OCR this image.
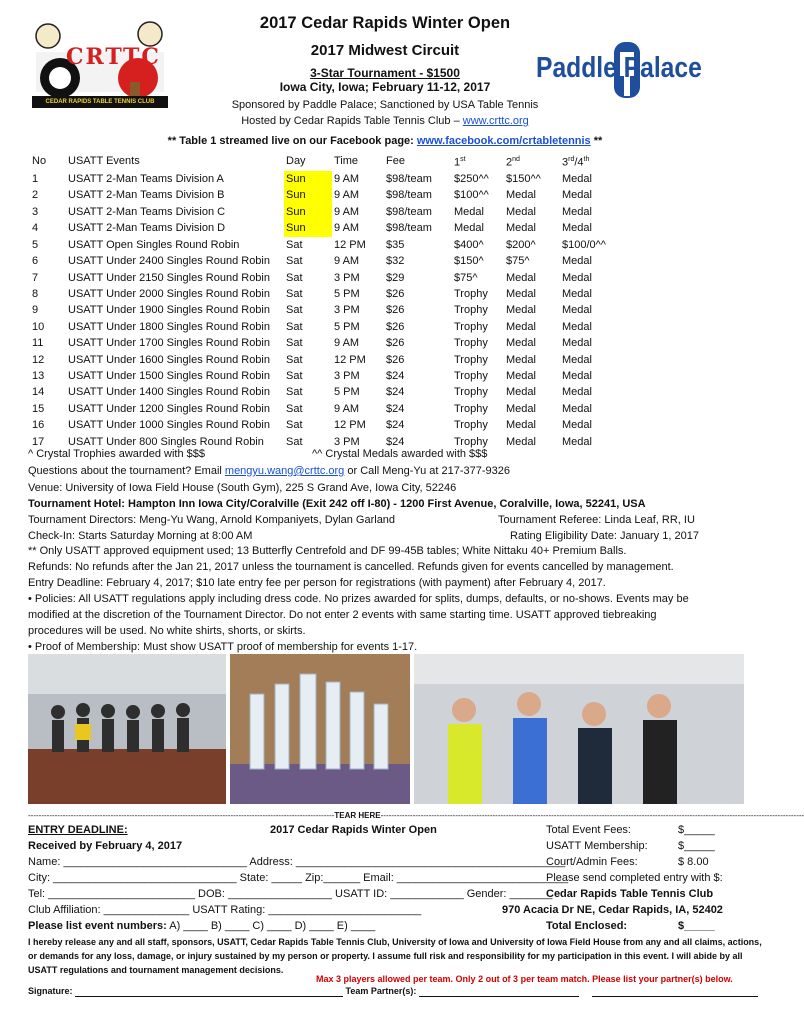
CRTTC
CEDAR RAPIDS TABLE TENNIS CLUB
Paddle Palace
2017 Cedar Rapids Winter Open
2017 Midwest Circuit
3-Star Tournament - $1500
Iowa City, Iowa; February 11-12, 2017
Sponsored by Paddle Palace; Sanctioned by USA Table Tennis
Hosted by Cedar Rapids Table Tennis Club – www.crttc.org
** Table 1 streamed live on our Facebook page: www.facebook.com/crtabletennis **
No	USATT Events	Day	Time	Fee	1st	2nd	3rd/4th
1	USATT 2-Man Teams Division A	Sun	9 AM	$98/team	$250^^	$150^^	Medal
2	USATT 2-Man Teams Division B	Sun	9 AM	$98/team	$100^^	Medal	Medal
3	USATT 2-Man Teams Division C	Sun	9 AM	$98/team	Medal	Medal	Medal
4	USATT 2-Man Teams Division D	Sun	9 AM	$98/team	Medal	Medal	Medal
5	USATT Open Singles Round Robin	Sat	12 PM	$35	$400^	$200^	$100/0^^
6	USATT Under 2400 Singles Round Robin	Sat	9 AM	$32	$150^	$75^	Medal
7	USATT Under 2150 Singles Round Robin	Sat	3 PM	$29	$75^	Medal	Medal
8	USATT Under 2000 Singles Round Robin	Sat	5 PM	$26	Trophy	Medal	Medal
9	USATT Under 1900 Singles Round Robin	Sat	3 PM	$26	Trophy	Medal	Medal
10	USATT Under 1800 Singles Round Robin	Sat	5 PM	$26	Trophy	Medal	Medal
11	USATT Under 1700 Singles Round Robin	Sat	9 AM	$26	Trophy	Medal	Medal
12	USATT Under 1600 Singles Round Robin	Sat	12 PM	$26	Trophy	Medal	Medal
13	USATT Under 1500 Singles Round Robin	Sat	3 PM	$24	Trophy	Medal	Medal
14	USATT Under 1400 Singles Round Robin	Sat	5 PM	$24	Trophy	Medal	Medal
15	USATT Under 1200 Singles Round Robin	Sat	9 AM	$24	Trophy	Medal	Medal
16	USATT Under 1000 Singles Round Robin	Sat	12 PM	$24	Trophy	Medal	Medal
17	USATT Under 800 Singles Round Robin	Sat	3 PM	$24	Trophy	Medal	Medal
^ Crystal Trophies awarded with $$$	^^ Crystal Medals awarded with $$$
Questions about the tournament? Email mengyu.wang@crttc.org or Call Meng-Yu at 217-377-9326
Venue: University of Iowa Field House (South Gym), 225 S Grand Ave, Iowa City, 52246
Tournament Hotel: Hampton Inn Iowa City/Coralville (Exit 242 off I-80) - 1200 First Avenue, Coralville, Iowa, 52241, USA
Tournament Directors: Meng-Yu Wang, Arnold Kompaniyets, Dylan Garland	Tournament Referee: Linda Leaf, RR, IU
Check-In: Starts Saturday Morning at 8:00 AM	Rating Eligibility Date: January 1, 2017
** Only USATT approved equipment used; 13 Butterfly Centrefold and DF 99-45B tables; White Nittaku 40+ Premium Balls.
Refunds: No refunds after the Jan 21, 2017 unless the tournament is cancelled. Refunds given for events cancelled by management.
Entry Deadline: February 4, 2017; $10 late entry fee per person for registrations (with payment) after February 4, 2017.
• Policies: All USATT regulations apply including dress code. No prizes awarded for splits, dumps, defaults, or no-shows. Events may be
modified at the discretion of the Tournament Director. Do not enter 2 events with same starting time. USATT approved tiebreaking
procedures will be used. No white shirts, shorts, or skirts.
• Proof of Membership: Must show USATT proof of membership for events 1-17.
-------------------------------------------------------------------------------------------------------------------TEAR HERE---------------------------------------------------------------------------------------------------------------------------------------------------------------
ENTRY DEADLINE:	2017 Cedar Rapids Winter Open	Total Event Fees:	$_____
Received by February 4, 2017	USATT Membership:	$_____
Name: ______________________________ Address: ____________________________________________
Court/Admin Fees:	$ 8.00
City: ______________________________ State: _____ Zip:______ Email: ____________________________
Please send completed entry with $:
Tel: ________________________ DOB: _________________ USATT ID: ____________ Gender: _______
Cedar Rapids Table Tennis Club
Club Affiliation: ______________ USATT Rating: _________________________	970 Acacia Dr NE, Cedar Rapids, IA, 52402
Please list event numbers: A) ____ B) ____ C) ____ D) ____ E) ____	Total Enclosed:	$_____
I hereby release any and all staff, sponsors, USATT, Cedar Rapids Table Tennis Club, University of Iowa and University of Iowa Field House from any and all claims, actions,
or demands for any loss, damage, or injury sustained by my person or property. I assume full risk and responsibility for my participation in this event. I will abide by all
USATT regulations and tournament management decisions.
Max 3 players allowed per team. Only 2 out of 3 per team match. Please list your partner(s) below.
Signature:	Team Partner(s):
